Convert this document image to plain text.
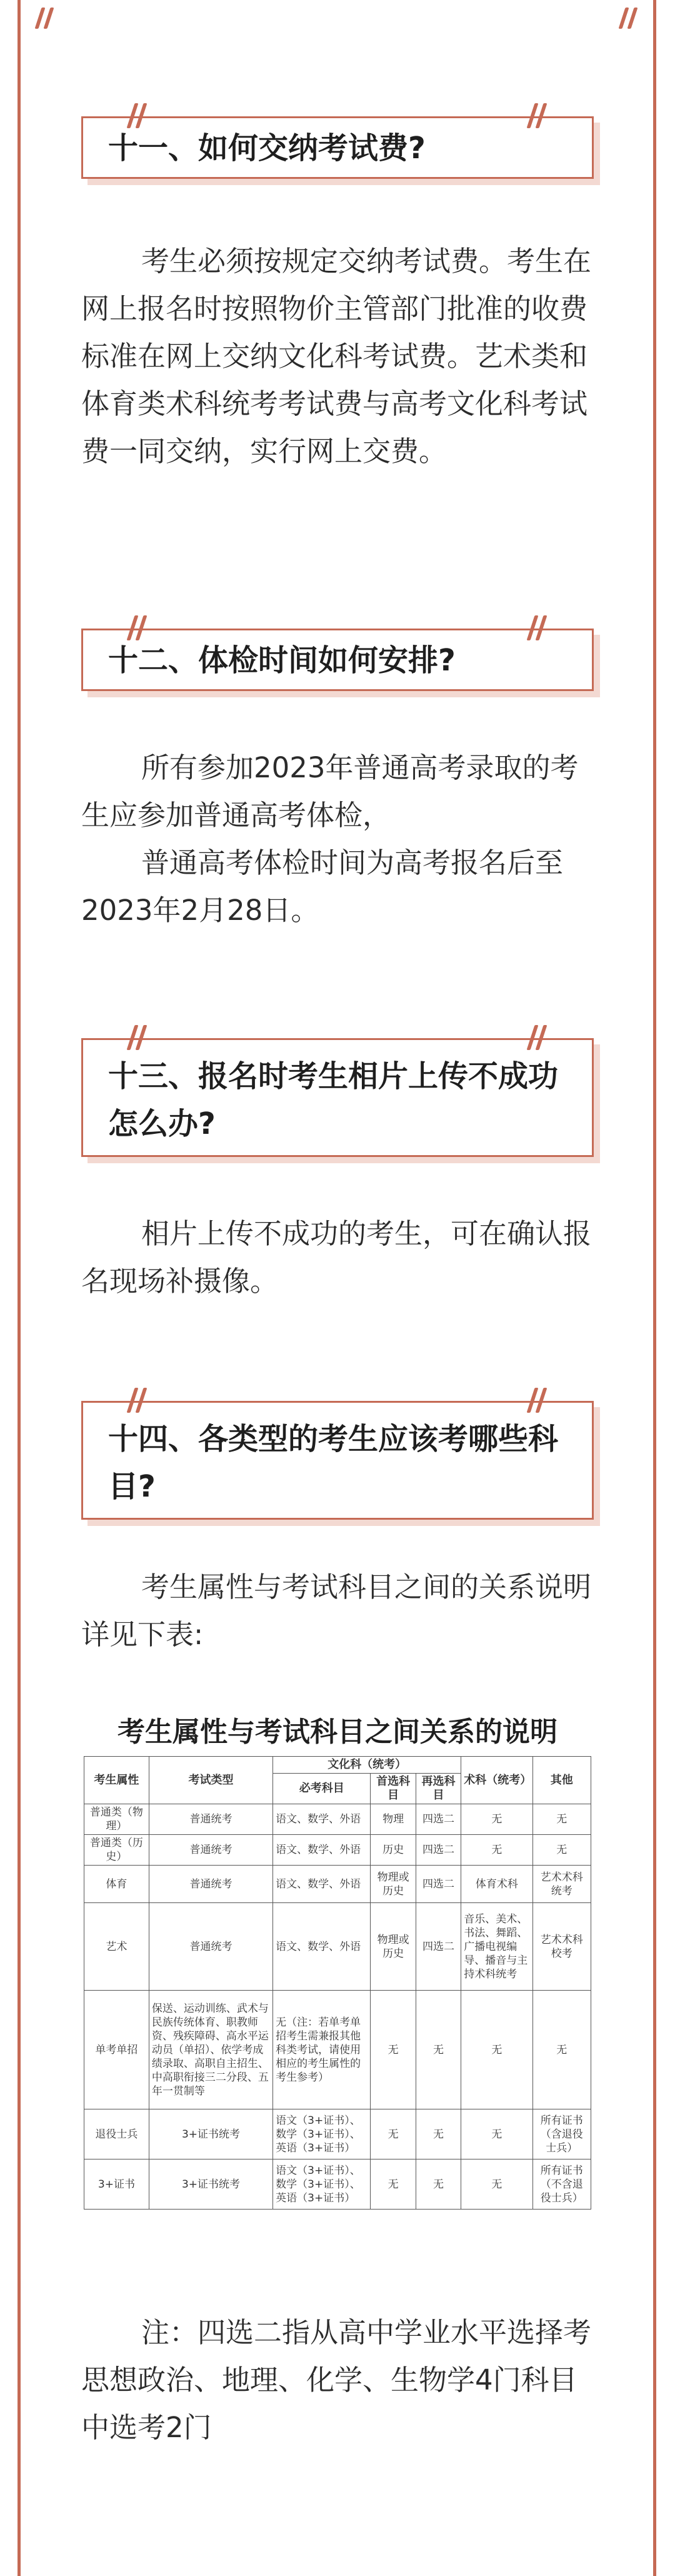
十一、如何交纳考试费?

考生必须按规定交纳考试费。考生在网上报名时按照物价主管部门批准的收费标准在网上交纳文化科考试费。艺术类和体育类术科统考考试费与高考文化科考试费一同交纳，实行网上交费。

十二、体检时间如何安排?

所有参加2023年普通高考录取的考生应参加普通高考体检，

普通高考体检时间为高考报名后至2023年2月28日。

十三、报名时考生相片上传不成功怎么办?

相片上传不成功的考生，可在确认报名现场补摄像。

十四、各类型的考生应该考哪些科目?

考生属性与考试科目之间的关系说明详见下表:

考生属性与考试科目之间关系的说明
考生属性	考试类型	文化科（统考）			术科（统考）	其他
		必考科目	首选科目	再选科目		
普通类（物理）	普通统考	语文、数学、外语	物理	四选二	无	无
普通类（历史）	普通统考	语文、数学、外语	历史	四选二	无	无
体育	普通统考	语文、数学、外语	物理或历史	四选二	体育术科	艺术术科统考
艺术	普通统考	语文、数学、外语	物理或历史	四选二	音乐、美术、书法、舞蹈、广播电视编导、播音与主持术科统考	艺术术科校考
单考单招	保送、运动训练、武术与民族传统体育、职教师资、残疾障碍、高水平运动员（单招）、依学考成绩录取、高职自主招生、中高职衔接三二分段、五年一贯制等	无（注：若单考单招考生需兼报其他科类考试，请使用相应的考生属性的考生参考）	无	无	无	无
退役士兵	3+证书统考	语文（3+证书）、数学（3+证书）、英语（3+证书）	无	无	无	所有证书（含退役士兵）
3+证书	3+证书统考	语文（3+证书）、数学（3+证书）、英语（3+证书）	无	无	无	所有证书（不含退役士兵）

注：四选二指从高中学业水平选择考思想政治、地理、化学、生物学4门科目中选考2门
